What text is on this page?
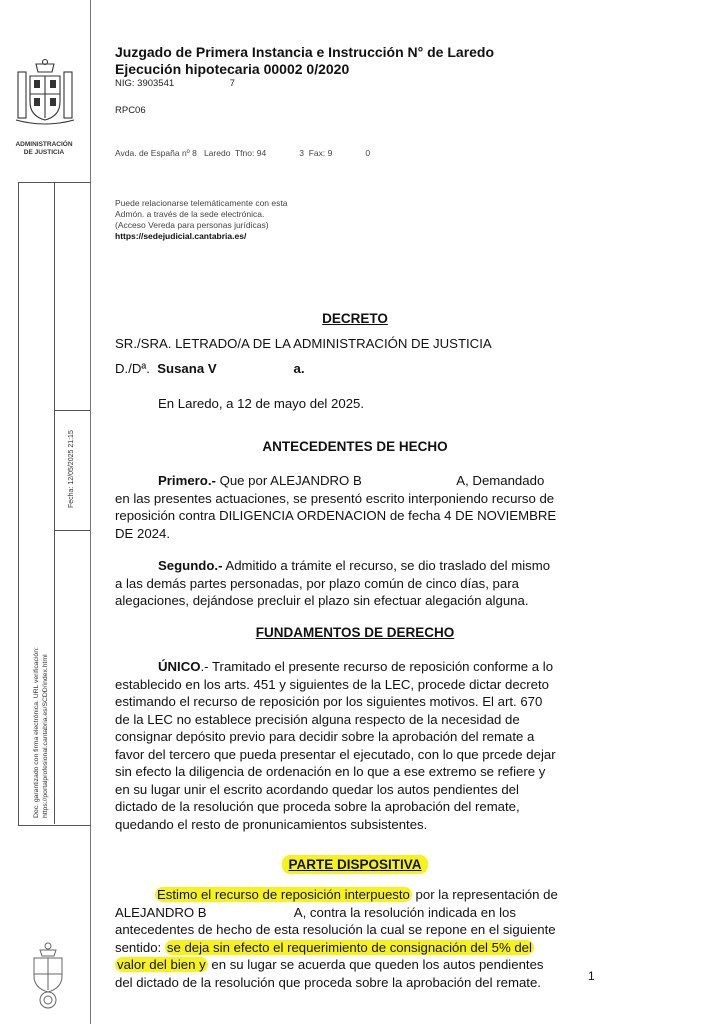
ADMINISTRACIÓN
DE JUSTICIA
Fecha: 12/05/2025 21:15
Doc. garantizado con firma electrónica. URL verificación: https://portalprofesional.cantabria.es/SCDD/index.html
Juzgado de Primera Instancia e Instrucción N° de Laredo
Ejecución hipotecaria 00002 0/2020
NIG: 3903541                     7
RPC06
Avda. de España nº 8   Laredo  Tfno: 94              3  Fax: 9              0
Puede relacionarse telemáticamente con esta
Admón. a través de la sede electrónica.
(Acceso Vereda para personas jurídicas)
https://sedejudicial.cantabria.es/
DECRETO
SR./SRA. LETRADO/A DE LA ADMINISTRACIÓN DE JUSTICIA
D./Dª. Susana V                     a.
En Laredo, a 12 de mayo del 2025.
ANTECEDENTES DE HECHO
Primero.- Que por ALEJANDRO B                          A, Demandado
en las presentes actuaciones, se presentó escrito interponiendo recurso de
reposición contra DILIGENCIA ORDENACION de fecha 4 DE NOVIEMBRE
DE 2024.
Segundo.- Admitido a trámite el recurso, se dio traslado del mismo
a las demás partes personadas, por plazo común de cinco días, para
alegaciones, dejándose precluir el plazo sin efectuar alegación alguna.
FUNDAMENTOS DE DERECHO
ÚNICO.- Tramitado el presente recurso de reposición conforme a lo
establecido en los arts. 451 y siguientes de la LEC, procede dictar decreto
estimando el recurso de reposición por los siguientes motivos. El art. 670
de la LEC no establece precisión alguna respecto de la necesidad de
consignar depósito previo para decidir sobre la aprobación del remate a
favor del tercero que pueda presentar el ejecutado, con lo que prcede dejar
sin efecto la diligencia de ordenación en lo que a ese extremo se refiere y
en su lugar unir el escrito acordando quedar los autos pendientes del
dictado de la resolución que proceda sobre la aprobación del remate,
quedando el resto de pronunicamientos subsistentes.
PARTE DISPOSITIVA
Estimo el recurso de reposición interpuesto por la representación de
ALEJANDRO B                        A, contra la resolución indicada en los
antecedentes de hecho de esta resolución la cual se repone en el siguiente
sentido: se deja sin efecto el requerimiento de consignación del 5% del
valor del bien y en su lugar se acuerda que queden los autos pendientes
del dictado de la resolución que proceda sobre la aprobación del remate.	1
